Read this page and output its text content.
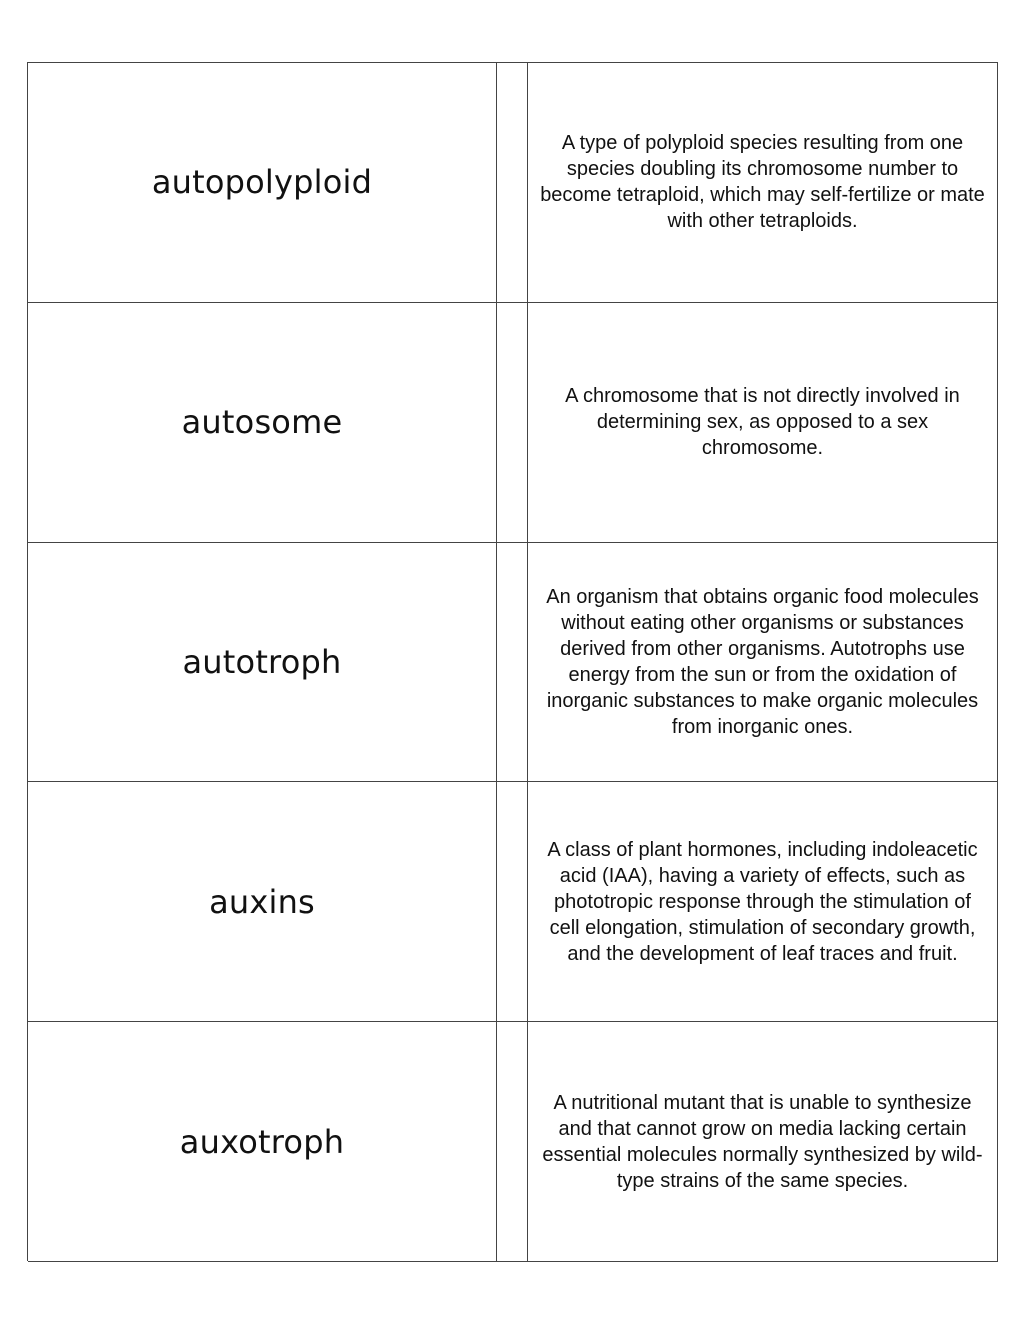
autopolyploid
A type of polyploid species resulting from one species doubling its chromosome number to become tetraploid, which may self-fertilize or mate with other tetraploids.
autosome
A chromosome that is not directly involved in determining sex, as opposed to a sex chromosome.
autotroph
An organism that obtains organic food molecules without eating other organisms or substances derived from other organisms. Autotrophs use energy from the sun or from the oxidation of inorganic substances to make organic molecules from inorganic ones.
auxins
A class of plant hormones, including indoleacetic acid (IAA), having a variety of effects, such as phototropic response through the stimulation of cell elongation, stimulation of secondary growth, and the development of leaf traces and fruit.
auxotroph
A nutritional mutant that is unable to synthesize and that cannot grow on media lacking certain essential molecules normally synthesized by wild-type strains of the same species.
